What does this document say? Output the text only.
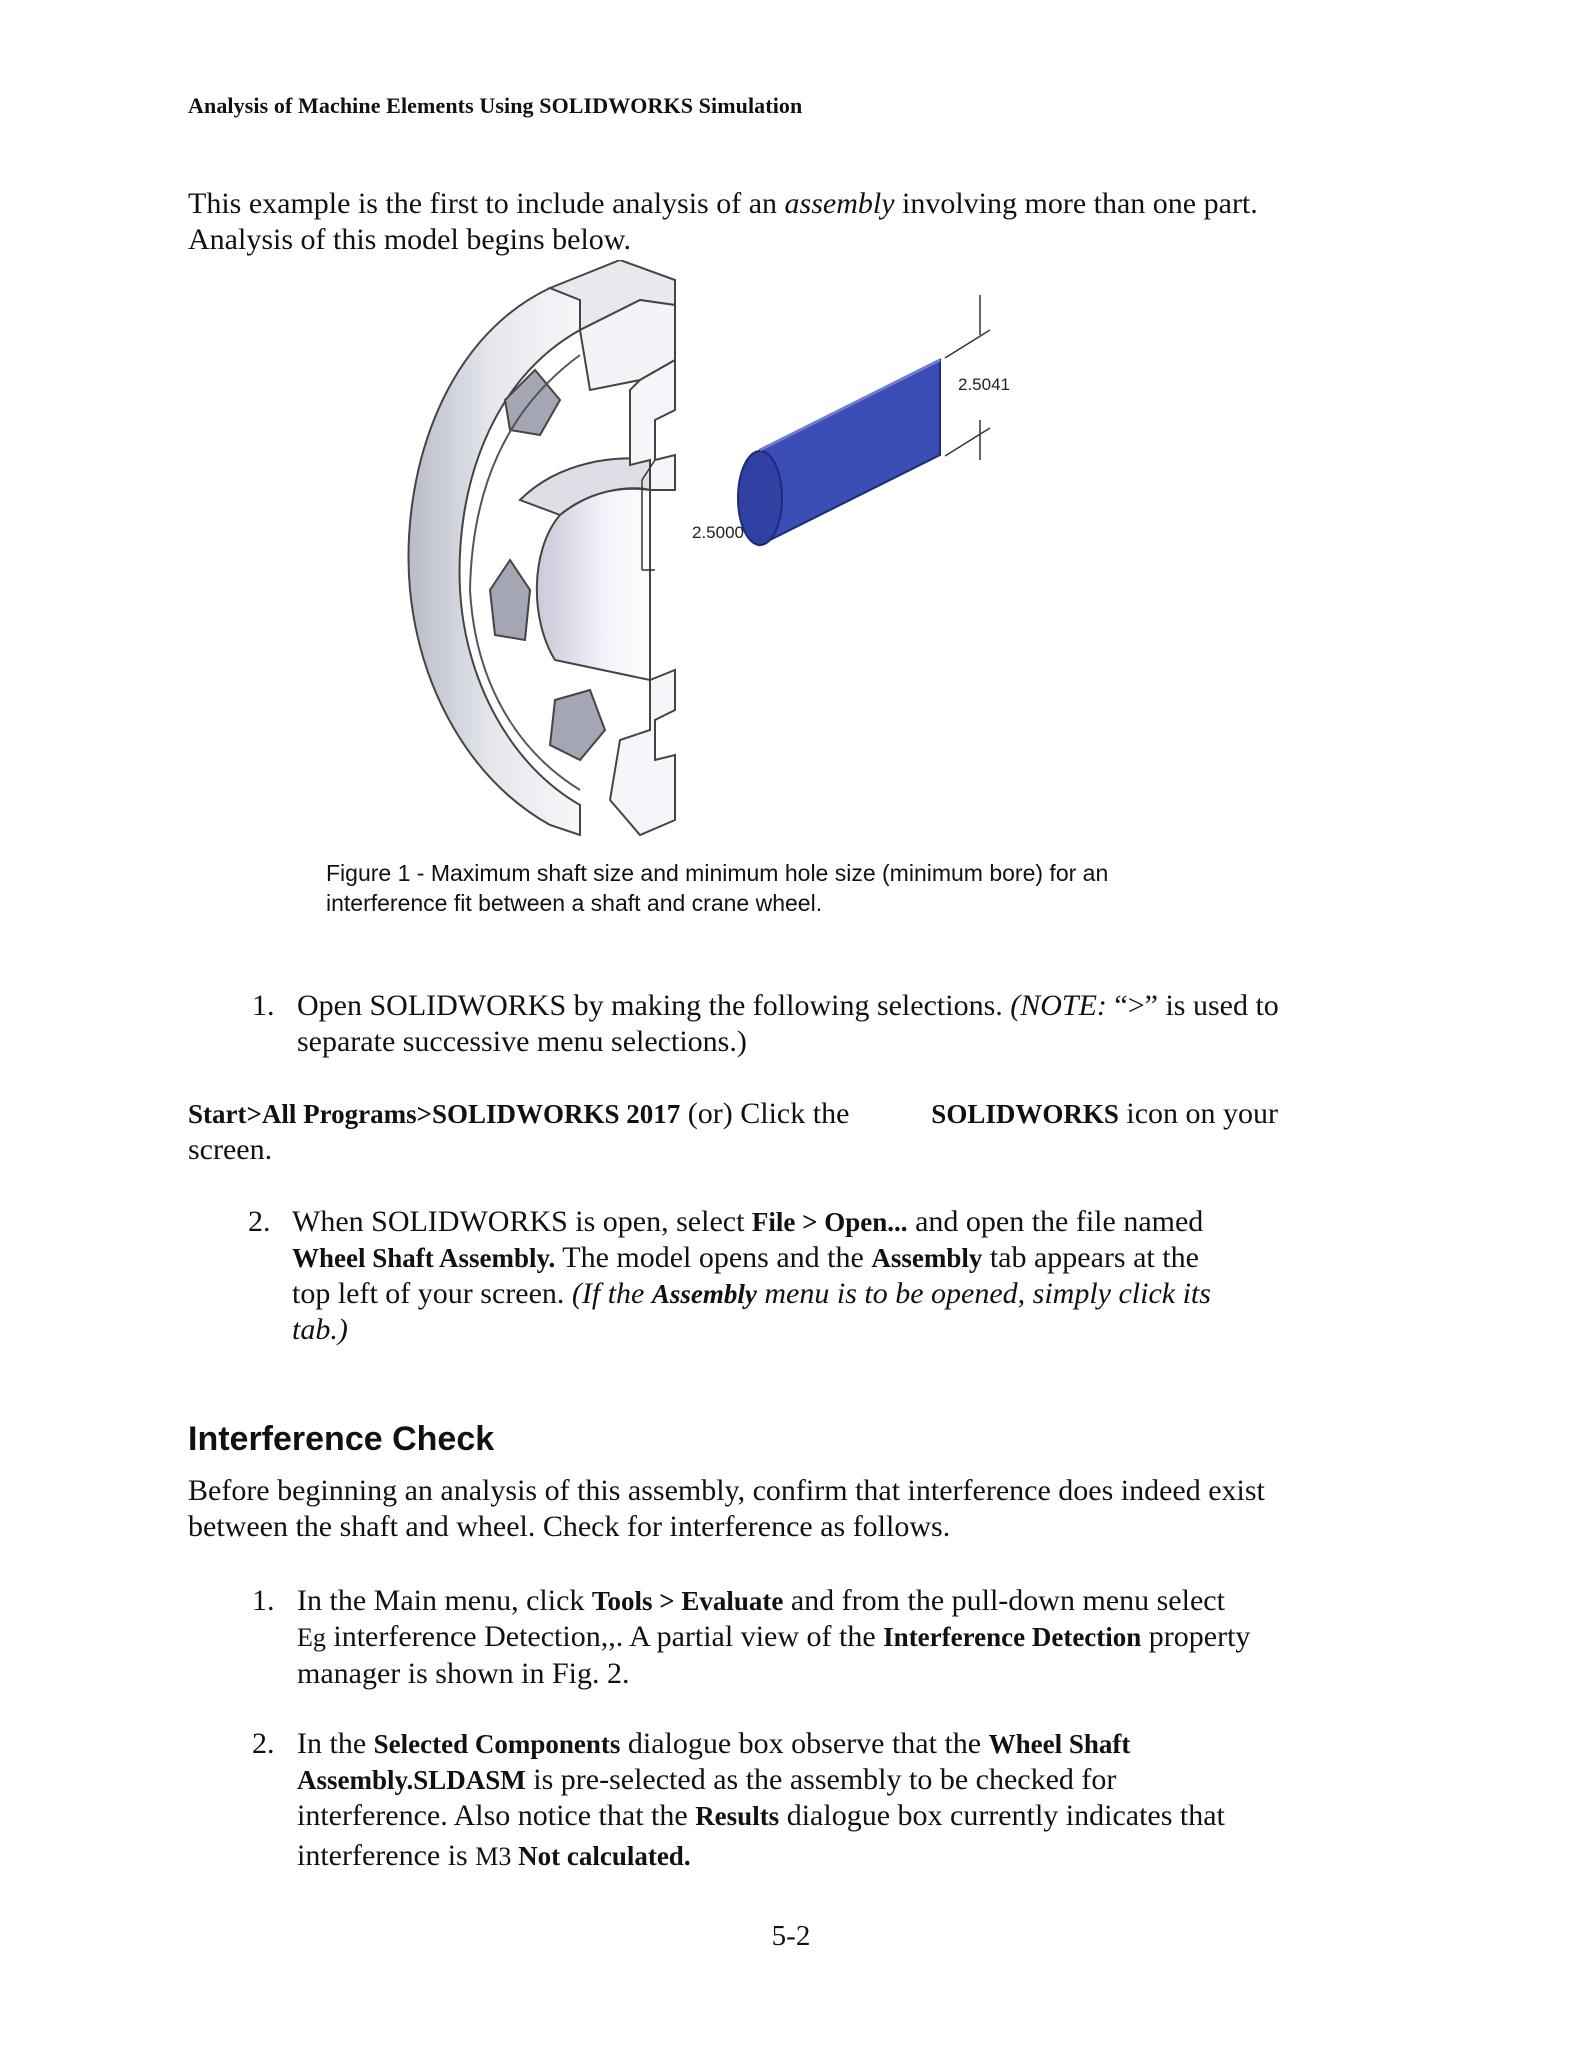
Analysis of Machine Elements Using SOLIDWORKS Simulation
This example is the first to include analysis of an assembly involving more than one part.
Analysis of this model begins below.
2.5000
2.5041
Figure 1 - Maximum shaft size and minimum hole size (minimum bore) for an
interference fit between a shaft and crane wheel.
1. Open SOLIDWORKS by making the following selections. (NOTE: “>” is used to
separate successive menu selections.)
Start>All Programs>SOLIDWORKS 2017 (or) Click the	SOLIDWORKS icon on your
screen.
2. When SOLIDWORKS is open, select File > Open... and open the file named
Wheel Shaft Assembly. The model opens and the Assembly tab appears at the
top left of your screen. (If the Assembly menu is to be opened, simply click its
tab.)
Interference Check
Before beginning an analysis of this assembly, confirm that interference does indeed exist
between the shaft and wheel. Check for interference as follows.
1. In the Main menu, click Tools > Evaluate and from the pull-down menu select
Eg interference Detection,,. A partial view of the Interference Detection property
manager is shown in Fig. 2.
2. In the Selected Components dialogue box observe that the Wheel Shaft
Assembly.SLDASM is pre-selected as the assembly to be checked for
interference. Also notice that the Results dialogue box currently indicates that
interference is M3 Not calculated.
5-2
